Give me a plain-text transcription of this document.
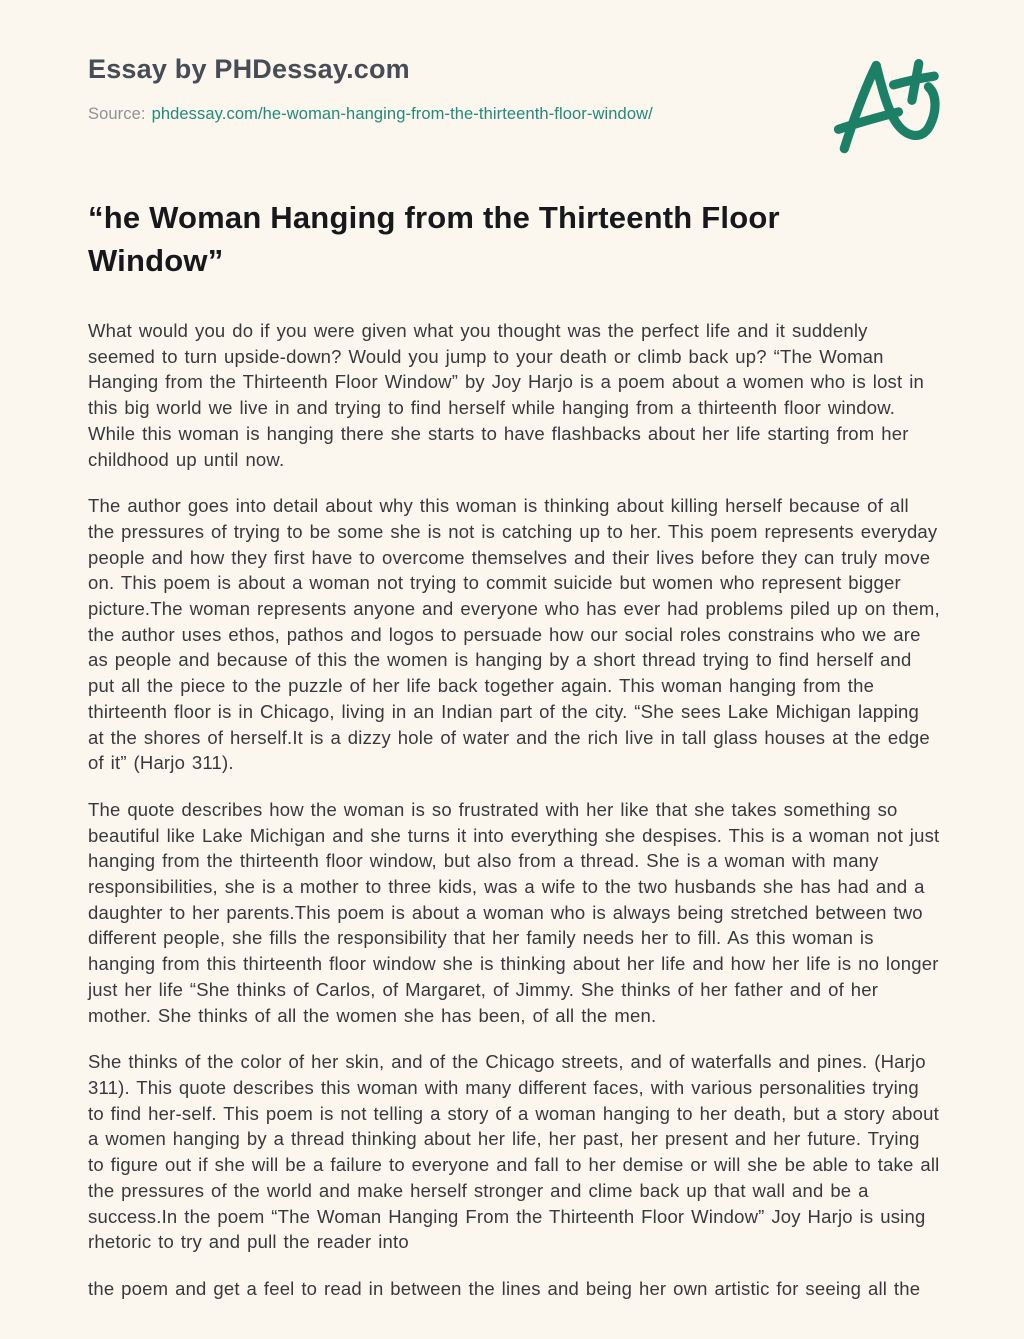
Essay by PHDessay.com
Source: phdessay.com/he-woman-hanging-from-the-thirteenth-floor-window/
“he Woman Hanging from the Thirteenth Floor Window”

What would you do if you were given what you thought was the perfect life and it suddenly seemed to turn upside-down? Would you jump to your death or climb back up? “The Woman Hanging from the Thirteenth Floor Window” by Joy Harjo is a poem about a women who is lost in this big world we live in and trying to find herself while hanging from a thirteenth floor window. While this woman is hanging there she starts to have flashbacks about her life starting from her childhood up until now.

The author goes into detail about why this woman is thinking about killing herself because of all the pressures of trying to be some she is not is catching up to her. This poem represents everyday people and how they first have to overcome themselves and their lives before they can truly move on. This poem is about a woman not trying to commit suicide but women who represent bigger picture.The woman represents anyone and everyone who has ever had problems piled up on them, the author uses ethos, pathos and logos to persuade how our social roles constrains who we are as people and because of this the women is hanging by a short thread trying to find herself and put all the piece to the puzzle of her life back together again. This woman hanging from the thirteenth floor is in Chicago, living in an Indian part of the city. “She sees Lake Michigan lapping at the shores of herself.It is a dizzy hole of water and the rich live in tall glass houses at the edge of it” (Harjo 311).

The quote describes how the woman is so frustrated with her like that she takes something so beautiful like Lake Michigan and she turns it into everything she despises. This is a woman not just hanging from the thirteenth floor window, but also from a thread. She is a woman with many responsibilities, she is a mother to three kids, was a wife to the two husbands she has had and a daughter to her parents.This poem is about a woman who is always being stretched between two different people, she fills the responsibility that her family needs her to fill. As this woman is hanging from this thirteenth floor window she is thinking about her life and how her life is no longer just her life “She thinks of Carlos, of Margaret, of Jimmy. She thinks of her father and of her mother. She thinks of all the women she has been, of all the men.

She thinks of the color of her skin, and of the Chicago streets, and of waterfalls and pines. (Harjo 311). This quote describes this woman with many different faces, with various personalities trying to find her-self. This poem is not telling a story of a woman hanging to her death, but a story about a women hanging by a thread thinking about her life, her past, her present and her future. Trying to figure out if she will be a failure to everyone and fall to her demise or will she be able to take all the pressures of the world and make herself stronger and clime back up that wall and be a success.In the poem “The Woman Hanging From the Thirteenth Floor Window” Joy Harjo is using rhetoric to try and pull the reader into

the poem and get a feel to read in between the lines and being her own artistic for seeing all the
